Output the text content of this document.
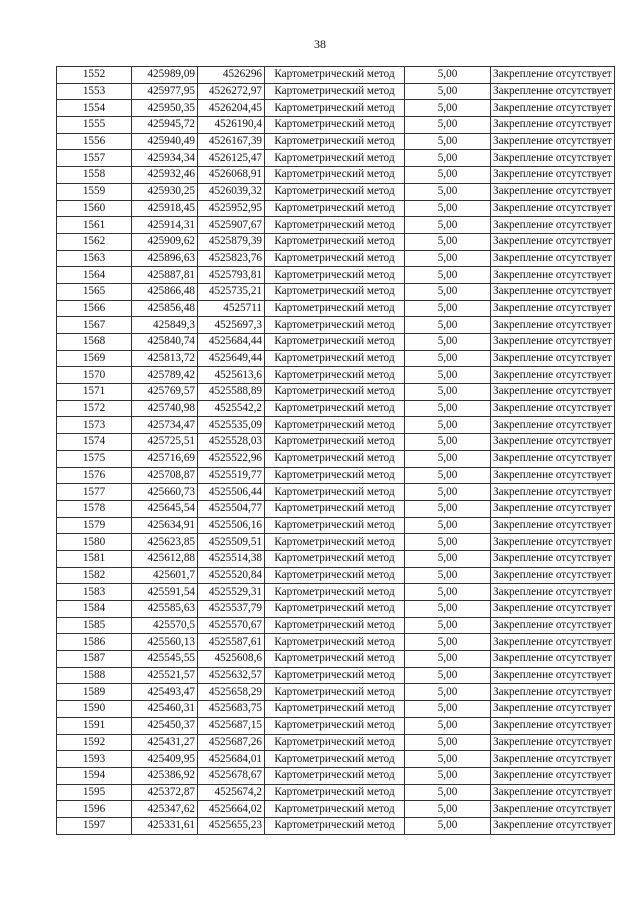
38
1552	425989,09	4526296	Картометрический метод	5,00	Закрепление отсутствует
1553	425977,95	4526272,97	Картометрический метод	5,00	Закрепление отсутствует
1554	425950,35	4526204,45	Картометрический метод	5,00	Закрепление отсутствует
1555	425945,72	4526190,4	Картометрический метод	5,00	Закрепление отсутствует
1556	425940,49	4526167,39	Картометрический метод	5,00	Закрепление отсутствует
1557	425934,34	4526125,47	Картометрический метод	5,00	Закрепление отсутствует
1558	425932,46	4526068,91	Картометрический метод	5,00	Закрепление отсутствует
1559	425930,25	4526039,32	Картометрический метод	5,00	Закрепление отсутствует
1560	425918,45	4525952,95	Картометрический метод	5,00	Закрепление отсутствует
1561	425914,31	4525907,67	Картометрический метод	5,00	Закрепление отсутствует
1562	425909,62	4525879,39	Картометрический метод	5,00	Закрепление отсутствует
1563	425896,63	4525823,76	Картометрический метод	5,00	Закрепление отсутствует
1564	425887,81	4525793,81	Картометрический метод	5,00	Закрепление отсутствует
1565	425866,48	4525735,21	Картометрический метод	5,00	Закрепление отсутствует
1566	425856,48	4525711	Картометрический метод	5,00	Закрепление отсутствует
1567	425849,3	4525697,3	Картометрический метод	5,00	Закрепление отсутствует
1568	425840,74	4525684,44	Картометрический метод	5,00	Закрепление отсутствует
1569	425813,72	4525649,44	Картометрический метод	5,00	Закрепление отсутствует
1570	425789,42	4525613,6	Картометрический метод	5,00	Закрепление отсутствует
1571	425769,57	4525588,89	Картометрический метод	5,00	Закрепление отсутствует
1572	425740,98	4525542,2	Картометрический метод	5,00	Закрепление отсутствует
1573	425734,47	4525535,09	Картометрический метод	5,00	Закрепление отсутствует
1574	425725,51	4525528,03	Картометрический метод	5,00	Закрепление отсутствует
1575	425716,69	4525522,96	Картометрический метод	5,00	Закрепление отсутствует
1576	425708,87	4525519,77	Картометрический метод	5,00	Закрепление отсутствует
1577	425660,73	4525506,44	Картометрический метод	5,00	Закрепление отсутствует
1578	425645,54	4525504,77	Картометрический метод	5,00	Закрепление отсутствует
1579	425634,91	4525506,16	Картометрический метод	5,00	Закрепление отсутствует
1580	425623,85	4525509,51	Картометрический метод	5,00	Закрепление отсутствует
1581	425612,88	4525514,38	Картометрический метод	5,00	Закрепление отсутствует
1582	425601,7	4525520,84	Картометрический метод	5,00	Закрепление отсутствует
1583	425591,54	4525529,31	Картометрический метод	5,00	Закрепление отсутствует
1584	425585,63	4525537,79	Картометрический метод	5,00	Закрепление отсутствует
1585	425570,5	4525570,67	Картометрический метод	5,00	Закрепление отсутствует
1586	425560,13	4525587,61	Картометрический метод	5,00	Закрепление отсутствует
1587	425545,55	4525608,6	Картометрический метод	5,00	Закрепление отсутствует
1588	425521,57	4525632,57	Картометрический метод	5,00	Закрепление отсутствует
1589	425493,47	4525658,29	Картометрический метод	5,00	Закрепление отсутствует
1590	425460,31	4525683,75	Картометрический метод	5,00	Закрепление отсутствует
1591	425450,37	4525687,15	Картометрический метод	5,00	Закрепление отсутствует
1592	425431,27	4525687,26	Картометрический метод	5,00	Закрепление отсутствует
1593	425409,95	4525684,01	Картометрический метод	5,00	Закрепление отсутствует
1594	425386,92	4525678,67	Картометрический метод	5,00	Закрепление отсутствует
1595	425372,87	4525674,2	Картометрический метод	5,00	Закрепление отсутствует
1596	425347,62	4525664,02	Картометрический метод	5,00	Закрепление отсутствует
1597	425331,61	4525655,23	Картометрический метод	5,00	Закрепление отсутствует
